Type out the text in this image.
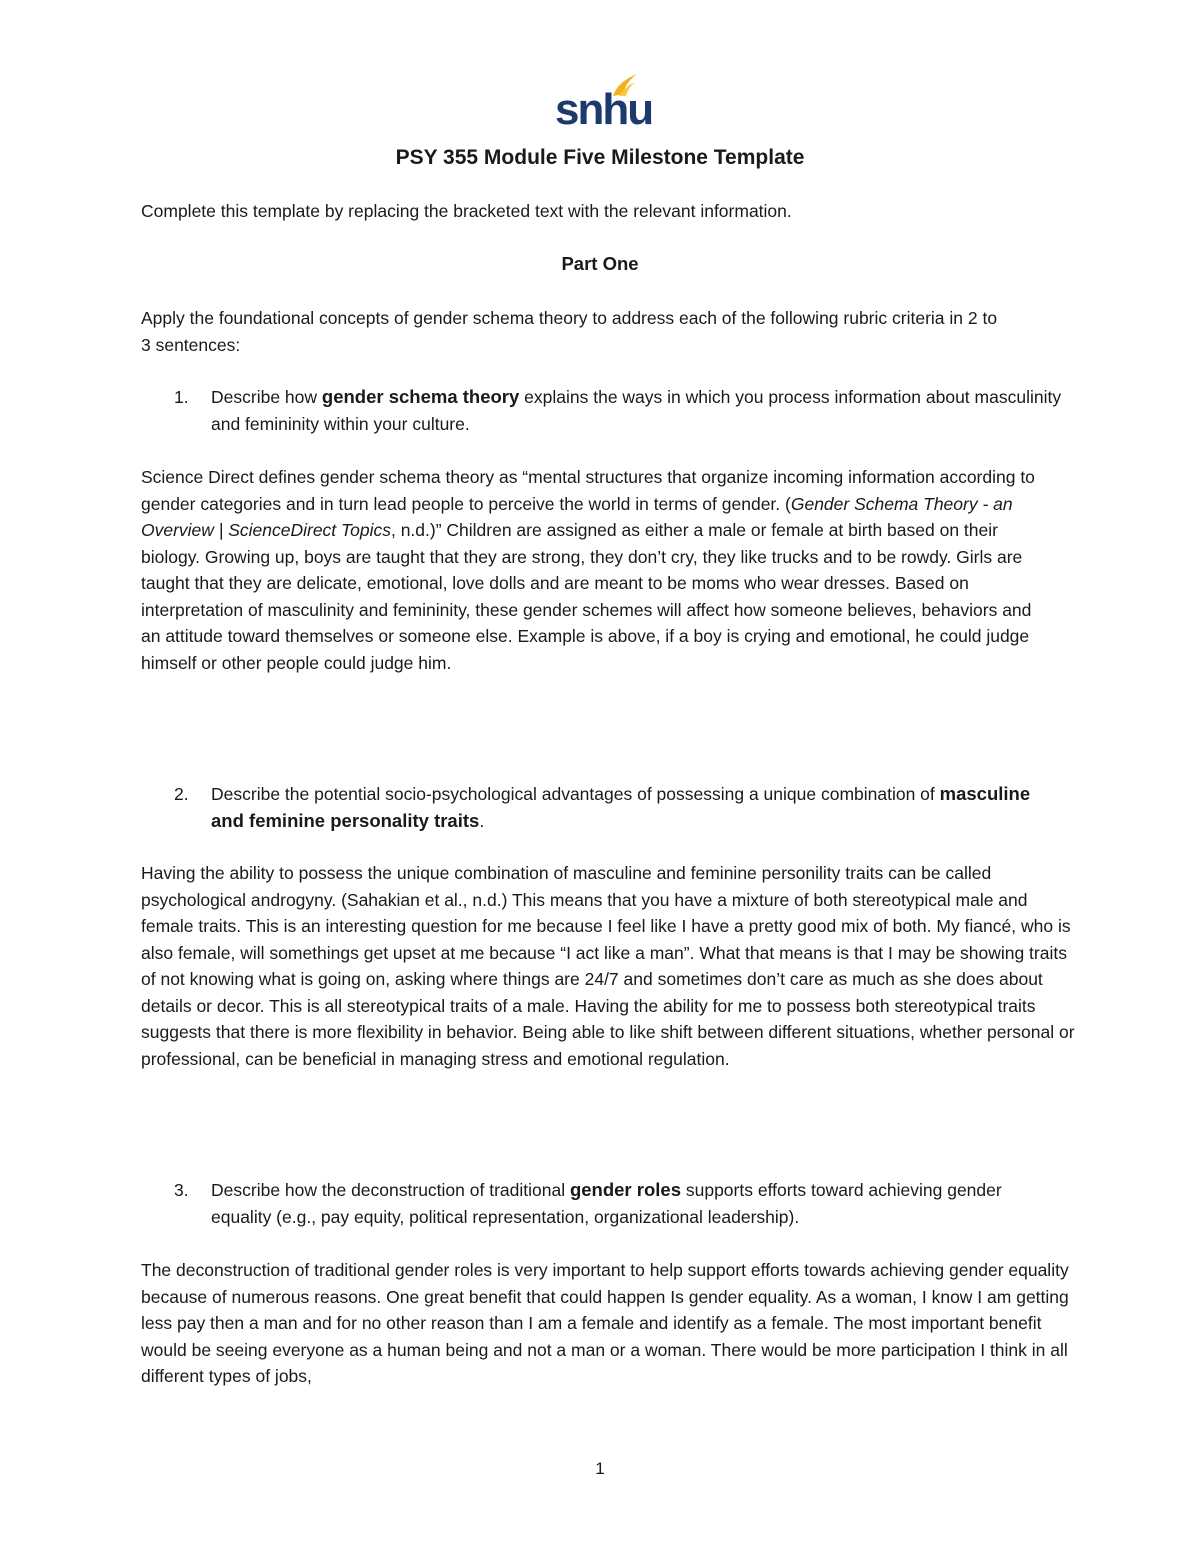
snhu
PSY 355 Module Five Milestone Template

Complete this template by replacing the bracketed text with the relevant information.

Part One

Apply the foundational concepts of gender schema theory to address each of the following rubric criteria in 2 to 3 sentences:

1. Describe how gender schema theory explains the ways in which you process information about masculinity and femininity within your culture.

Science Direct defines gender schema theory as “mental structures that organize incoming information according to gender categories and in turn lead people to perceive the world in terms of gender. (Gender Schema Theory - an Overview | ScienceDirect Topics, n.d.)” Children are assigned as either a male or female at birth based on their biology. Growing up, boys are taught that they are strong, they don’t cry, they like trucks and to be rowdy. Girls are taught that they are delicate, emotional, love dolls and are meant to be moms who wear dresses. Based on interpretation of masculinity and femininity, these gender schemes will affect how someone believes, behaviors and an attitude toward themselves or someone else. Example is above, if a boy is crying and emotional, he could judge himself or other people could judge him.

2. Describe the potential socio-psychological advantages of possessing a unique combination of masculine and feminine personality traits.

Having the ability to possess the unique combination of masculine and feminine personility traits can be called psychological androgyny. (Sahakian et al., n.d.) This means that you have a mixture of both stereotypical male and female traits. This is an interesting question for me because I feel like I have a pretty good mix of both. My fiancé, who is also female, will somethings get upset at me because “I act like a man”. What that means is that I may be showing traits of not knowing what is going on, asking where things are 24/7 and sometimes don’t care as much as she does about details or decor. This is all stereotypical traits of a male. Having the ability for me to possess both stereotypical traits suggests that there is more flexibility in behavior. Being able to like shift between different situations, whether personal or professional, can be beneficial in managing stress and emotional regulation.

3. Describe how the deconstruction of traditional gender roles supports efforts toward achieving gender equality (e.g., pay equity, political representation, organizational leadership).

The deconstruction of traditional gender roles is very important to help support efforts towards achieving gender equality because of numerous reasons. One great benefit that could happen Is gender equality. As a woman, I know I am getting less pay then a man and for no other reason than I am a female and identify as a female. The most important benefit would be seeing everyone as a human being and not a man or a woman. There would be more participation I think in all different types of jobs,

1
